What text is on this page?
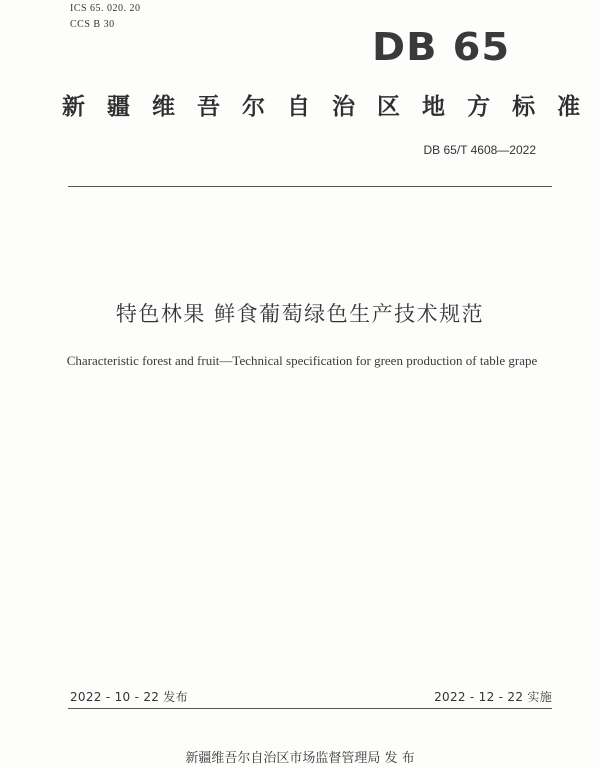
ICS 65. 020. 20
CCS B 30
DB 65
新 疆 维 吾 尔 自 治 区 地 方 标 准
DB 65/T 4608—2022
特色林果 鲜食葡萄绿色生产技术规范
Characteristic forest and fruit—Technical specification for green production of table grape
2022 - 10 - 22 发布	2022 - 12 - 22 实施
新疆维吾尔自治区市场监督管理局 发 布
